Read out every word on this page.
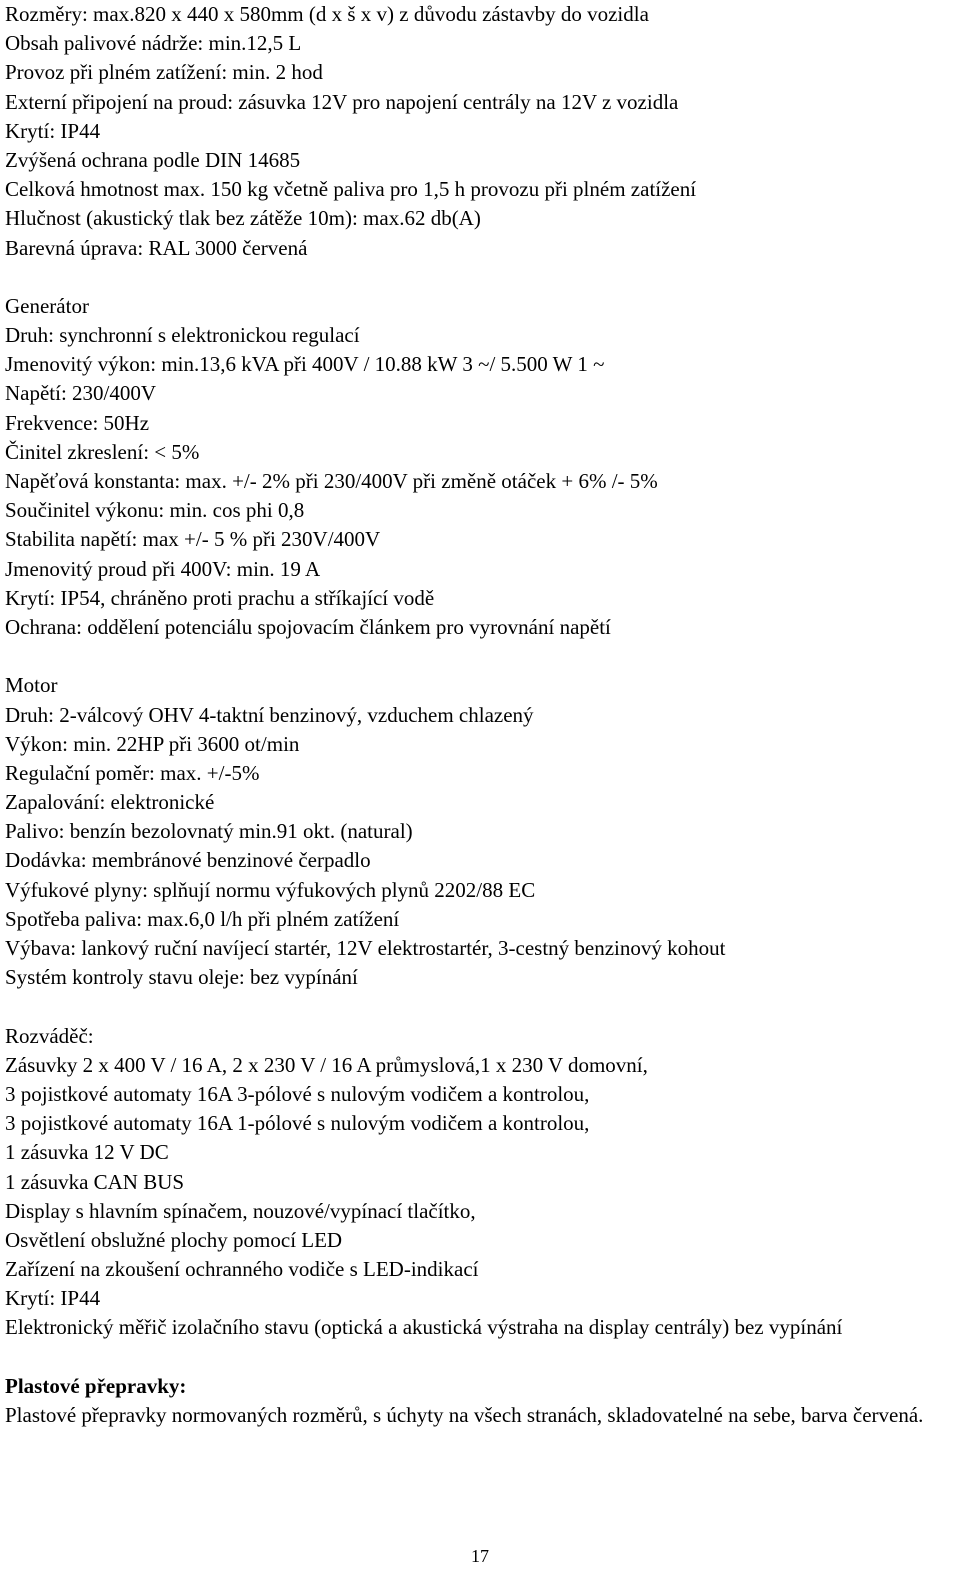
Rozměry: max.820 x 440 x 580mm (d x š x v) z důvodu zástavby do vozidla
Obsah palivové nádrže: min.12,5 L
Provoz při plném zatížení: min. 2 hod
Externí připojení na proud: zásuvka 12V pro napojení centrály na 12V z vozidla
Krytí: IP44
Zvýšená ochrana podle DIN 14685
Celková hmotnost max. 150 kg včetně paliva pro 1,5 h provozu při plném zatížení
Hlučnost (akustický tlak bez zátěže 10m): max.62 db(A)
Barevná úprava: RAL 3000 červená
Generátor
Druh: synchronní s elektronickou regulací
Jmenovitý výkon: min.13,6 kVA při 400V / 10.88 kW 3 ~/ 5.500 W 1 ~
Napětí: 230/400V
Frekvence: 50Hz
Činitel zkreslení: < 5%
Napěťová konstanta: max. +/- 2% při 230/400V při změně otáček + 6% /- 5%
Součinitel výkonu: min. cos phi 0,8
Stabilita napětí: max +/- 5 % při 230V/400V
Jmenovitý proud při 400V: min. 19 A
Krytí: IP54, chráněno proti prachu a stříkající vodě
Ochrana: oddělení potenciálu spojovacím článkem pro vyrovnání napětí
Motor
Druh: 2-válcový OHV 4-taktní benzinový, vzduchem chlazený
Výkon: min. 22HP při 3600 ot/min
Regulační poměr: max. +/-5%
Zapalování: elektronické
Palivo: benzín bezolovnatý min.91 okt. (natural)
Dodávka: membránové benzinové čerpadlo
Výfukové plyny: splňují normu výfukových plynů 2202/88 EC
Spotřeba paliva: max.6,0 l/h při plném zatížení
Výbava: lankový ruční navíjecí startér, 12V elektrostartér, 3-cestný benzinový kohout
Systém kontroly stavu oleje: bez vypínání
Rozváděč:
Zásuvky 2 x 400 V / 16 A, 2 x 230 V / 16 A průmyslová,1 x 230 V domovní,
3 pojistkové automaty 16A 3-pólové s nulovým vodičem a kontrolou,
3 pojistkové automaty 16A 1-pólové s nulovým vodičem a kontrolou,
1 zásuvka 12 V DC
1 zásuvka CAN BUS
Display s hlavním spínačem, nouzové/vypínací tlačítko,
Osvětlení obslužné plochy pomocí LED
Zařízení na zkoušení ochranného vodiče s LED-indikací
Krytí: IP44
Elektronický měřič izolačního stavu (optická a akustická výstraha na display centrály) bez vypínání
Plastové přepravky:
Plastové přepravky normovaných rozměrů, s úchyty na všech stranách, skladovatelné na sebe, barva červená.
17
